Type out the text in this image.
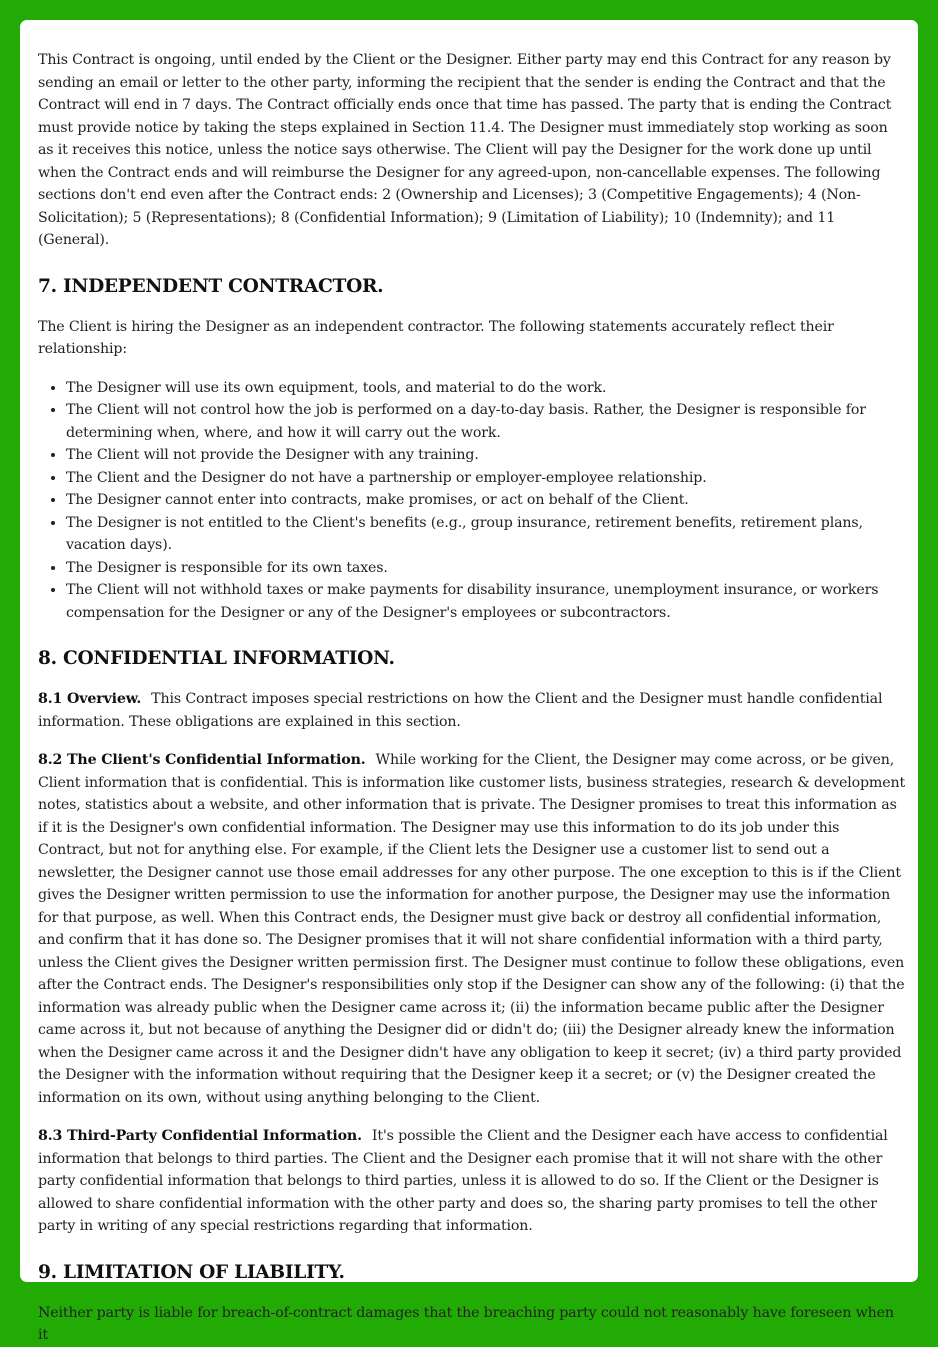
This Contract is ongoing, until ended by the Client or the Designer. Either party may end this Contract for any reason by sending an email or letter to the other party, informing the recipient that the sender is ending the Contract and that the Contract will end in 7 days. The Contract officially ends once that time has passed. The party that is ending the Contract must provide notice by taking the steps explained in Section 11.4. The Designer must immediately stop working as soon as it receives this notice, unless the notice says otherwise. The Client will pay the Designer for the work done up until when the Contract ends and will reimburse the Designer for any agreed-upon, non-cancellable expenses. The following sections don't end even after the Contract ends: 2 (Ownership and Licenses); 3 (Competitive Engagements); 4 (Non-Solicitation); 5 (Representations); 8 (Confidential Information); 9 (Limitation of Liability); 10 (Indemnity); and 11 (General).

7. INDEPENDENT CONTRACTOR.

The Client is hiring the Designer as an independent contractor. The following statements accurately reflect their relationship:

• The Designer will use its own equipment, tools, and material to do the work.
• The Client will not control how the job is performed on a day-to-day basis. Rather, the Designer is responsible for determining when, where, and how it will carry out the work.
• The Client will not provide the Designer with any training.
• The Client and the Designer do not have a partnership or employer-employee relationship.
• The Designer cannot enter into contracts, make promises, or act on behalf of the Client.
• The Designer is not entitled to the Client's benefits (e.g., group insurance, retirement benefits, retirement plans, vacation days).
• The Designer is responsible for its own taxes.
• The Client will not withhold taxes or make payments for disability insurance, unemployment insurance, or workers compensation for the Designer or any of the Designer's employees or subcontractors.
8. CONFIDENTIAL INFORMATION.

8.1 Overview. This Contract imposes special restrictions on how the Client and the Designer must handle confidential information. These obligations are explained in this section.

8.2 The Client's Confidential Information. While working for the Client, the Designer may come across, or be given, Client information that is confidential. This is information like customer lists, business strategies, research & development notes, statistics about a website, and other information that is private. The Designer promises to treat this information as if it is the Designer's own confidential information. The Designer may use this information to do its job under this Contract, but not for anything else. For example, if the Client lets the Designer use a customer list to send out a newsletter, the Designer cannot use those email addresses for any other purpose. The one exception to this is if the Client gives the Designer written permission to use the information for another purpose, the Designer may use the information for that purpose, as well. When this Contract ends, the Designer must give back or destroy all confidential information, and confirm that it has done so. The Designer promises that it will not share confidential information with a third party, unless the Client gives the Designer written permission first. The Designer must continue to follow these obligations, even after the Contract ends. The Designer's responsibilities only stop if the Designer can show any of the following: (i) that the information was already public when the Designer came across it; (ii) the information became public after the Designer came across it, but not because of anything the Designer did or didn't do; (iii) the Designer already knew the information when the Designer came across it and the Designer didn't have any obligation to keep it secret; (iv) a third party provided the Designer with the information without requiring that the Designer keep it a secret; or (v) the Designer created the information on its own, without using anything belonging to the Client.

8.3 Third-Party Confidential Information. It's possible the Client and the Designer each have access to confidential information that belongs to third parties. The Client and the Designer each promise that it will not share with the other party confidential information that belongs to third parties, unless it is allowed to do so. If the Client or the Designer is allowed to share confidential information with the other party and does so, the sharing party promises to tell the other party in writing of any special restrictions regarding that information.

9. LIMITATION OF LIABILITY.

Neither party is liable for breach-of-contract damages that the breaching party could not reasonably have foreseen when it
